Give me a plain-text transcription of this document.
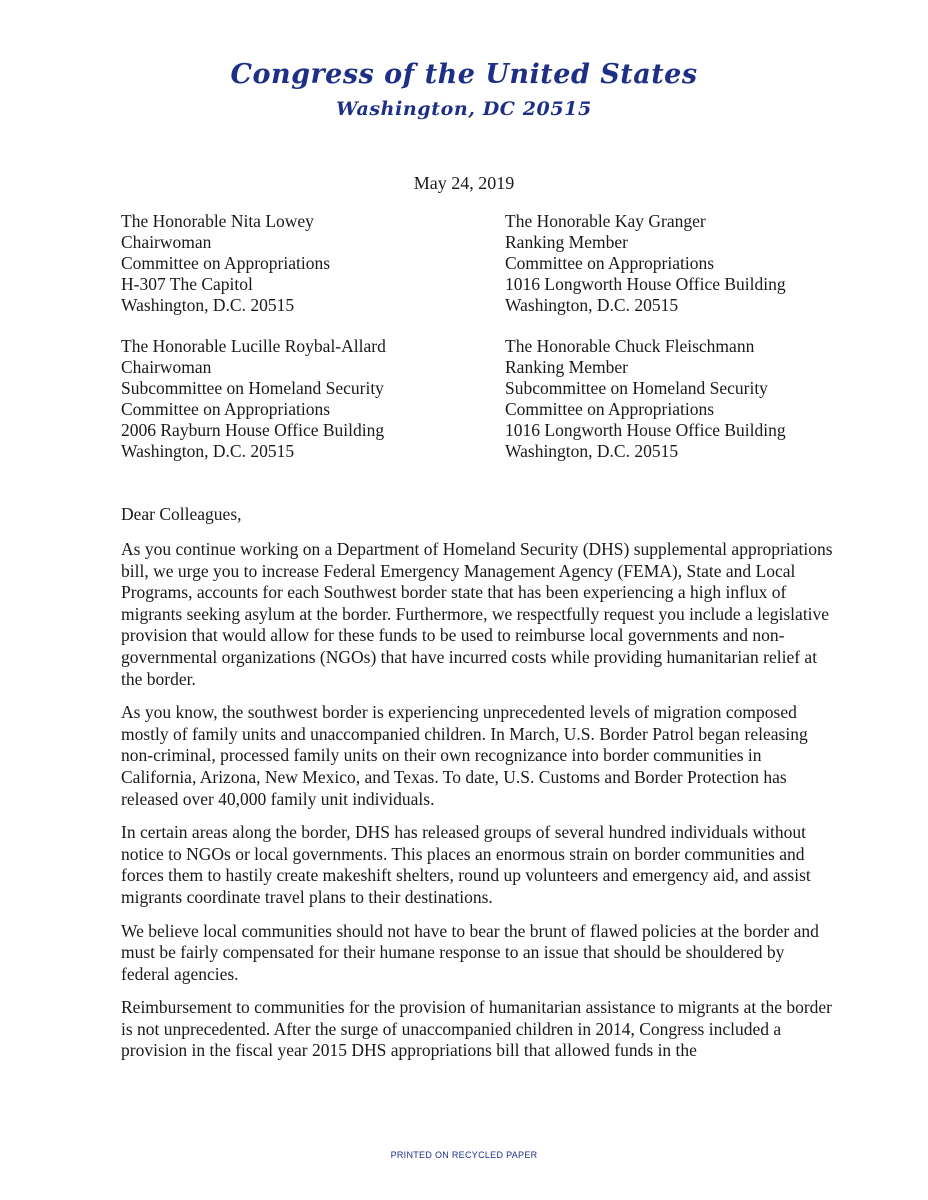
Congress of the United States
Washington, DC 20515
May 24, 2019
The Honorable Nita Lowey
Chairwoman
Committee on Appropriations
H-307 The Capitol
Washington, D.C. 20515
The Honorable Kay Granger
Ranking Member
Committee on Appropriations
1016 Longworth House Office Building
Washington, D.C. 20515
The Honorable Lucille Roybal-Allard
Chairwoman
Subcommittee on Homeland Security
Committee on Appropriations
2006 Rayburn House Office Building
Washington, D.C. 20515
The Honorable Chuck Fleischmann
Ranking Member
Subcommittee on Homeland Security
Committee on Appropriations
1016 Longworth House Office Building
Washington, D.C. 20515
Dear Colleagues,

As you continue working on a Department of Homeland Security (DHS) supplemental appropriations bill, we urge you to increase Federal Emergency Management Agency (FEMA), State and Local Programs, accounts for each Southwest border state that has been experiencing a high influx of migrants seeking asylum at the border. Furthermore, we respectfully request you include a legislative provision that would allow for these funds to be used to reimburse local governments and non-governmental organizations (NGOs) that have incurred costs while providing humanitarian relief at the border.

As you know, the southwest border is experiencing unprecedented levels of migration composed mostly of family units and unaccompanied children. In March, U.S. Border Patrol began releasing non-criminal, processed family units on their own recognizance into border communities in California, Arizona, New Mexico, and Texas. To date, U.S. Customs and Border Protection has released over 40,000 family unit individuals.

In certain areas along the border, DHS has released groups of several hundred individuals without notice to NGOs or local governments. This places an enormous strain on border communities and forces them to hastily create makeshift shelters, round up volunteers and emergency aid, and assist migrants coordinate travel plans to their destinations.

We believe local communities should not have to bear the brunt of flawed policies at the border and must be fairly compensated for their humane response to an issue that should be shouldered by federal agencies.

Reimbursement to communities for the provision of humanitarian assistance to migrants at the border is not unprecedented. After the surge of unaccompanied children in 2014, Congress included a provision in the fiscal year 2015 DHS appropriations bill that allowed funds in the

PRINTED ON RECYCLED PAPER
